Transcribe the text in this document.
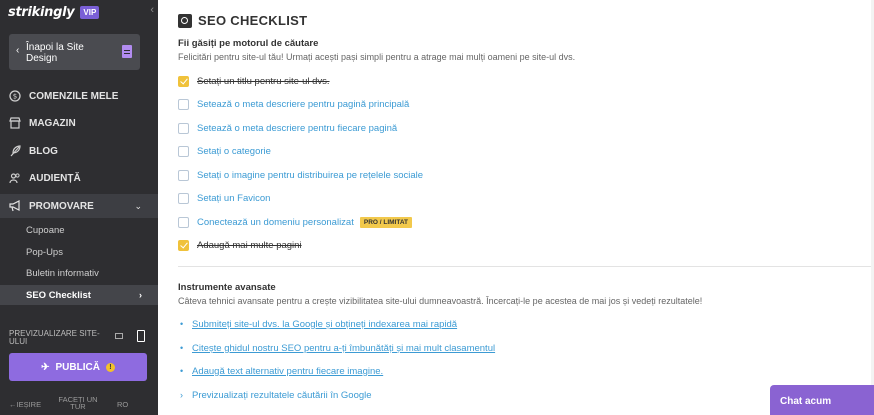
strikingly	VIP	‹
‹ Înapoi la Site Design
$ COMENZILE MELE
MAGAZIN
BLOG
AUDIENȚĂ
PROMOVARE	⌄
Cupoane
Pop-Ups
Buletin informativ
SEO Checklist	›
PREVIZUALIZARE SITE-ULUI
✈ PUBLICĂ	!
← IEȘIRE
FACEȚI UN TUR	RO
SEO CHECKLIST
Fii găsiți pe motorul de căutare
Felicitări pentru site-ul tău! Urmați acești pași simpli pentru a atrage mai mulți oameni pe site-ul dvs.
Setați un titlu pentru site-ul dvs.
Setează o meta descriere pentru pagină principală
Setează o meta descriere pentru fiecare pagină
Setați o categorie
Setați o imagine pentru distribuirea pe rețelele sociale
Setați un Favicon
Conectează un domeniu personalizat	PRO / LIMITAT
Adaugă mai multe pagini
Instrumente avansate
Câteva tehnici avansate pentru a crește vizibilitatea site-ului dumneavoastră. Încercați-le pe acestea de mai jos și vedeți rezultatele!
• Submiteți site-ul dvs. la Google și obțineți indexarea mai rapidă
• Citește ghidul nostru SEO pentru a-ți îmbunătăți și mai mult clasamentul
• Adaugă text alternativ pentru fiecare imagine.
› Previzualizați rezultatele căutării în Google
Chat acum
